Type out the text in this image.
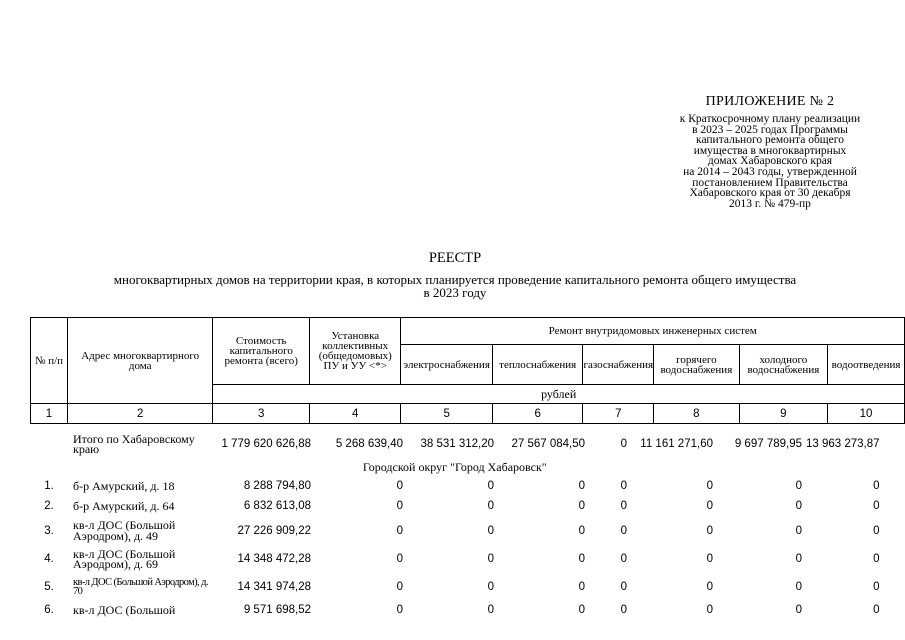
ПРИЛОЖЕНИЕ № 2
к Краткосрочному плану реализации
в 2023 – 2025 годах Программы
капитального ремонта общего
имущества в многоквартирных
домах Хабаровского края
на 2014 – 2043 годы, утвержденной
постановлением Правительства
Хабаровского края от 30 декабря
2013 г. № 479-пр
РЕЕСТР
многоквартирных домов на территории края, в которых планируется проведение капитального ремонта общего имущества
в 2023 году
№ п/п	Адрес многоквартирного дома	Стоимость капитального ремонта (всего)	Установка коллективных (общедомовых) ПУ и УУ <*>	Ремонт внутридомовых инженерных систем					
				электроснабжения	теплоснабжения	газоснабжения	горячего водоснабжения	холодного водоснабжения	водоотведения
		рублей							
1	2	3	4	5	6	7	8	9	10
	Итого по Хабаровскому краю	1 779 620 626,88	5 268 639,40	38 531 312,20	27 567 084,50	0	11 161 271,60	9 697 789,95	13 963 273,87
Городской округ "Город Хабаровск"									
1.	б-р Амурский, д. 18	8 288 794,80	0	0	0	0	0	0	0
2.	б-р Амурский, д. 64	6 832 613,08	0	0	0	0	0	0	0
3.	кв-л ДОС (Большой Аэродром), д. 49	27 226 909,22	0	0	0	0	0	0	0
4.	кв-л ДОС (Большой Аэродром), д. 69	14 348 472,28	0	0	0	0	0	0	0
5.	кв-л ДОС (Большой Аэродром), д. 70	14 341 974,28	0	0	0	0	0	0	0
6.	кв-л ДОС (Большой	9 571 698,52	0	0	0	0	0	0	0
